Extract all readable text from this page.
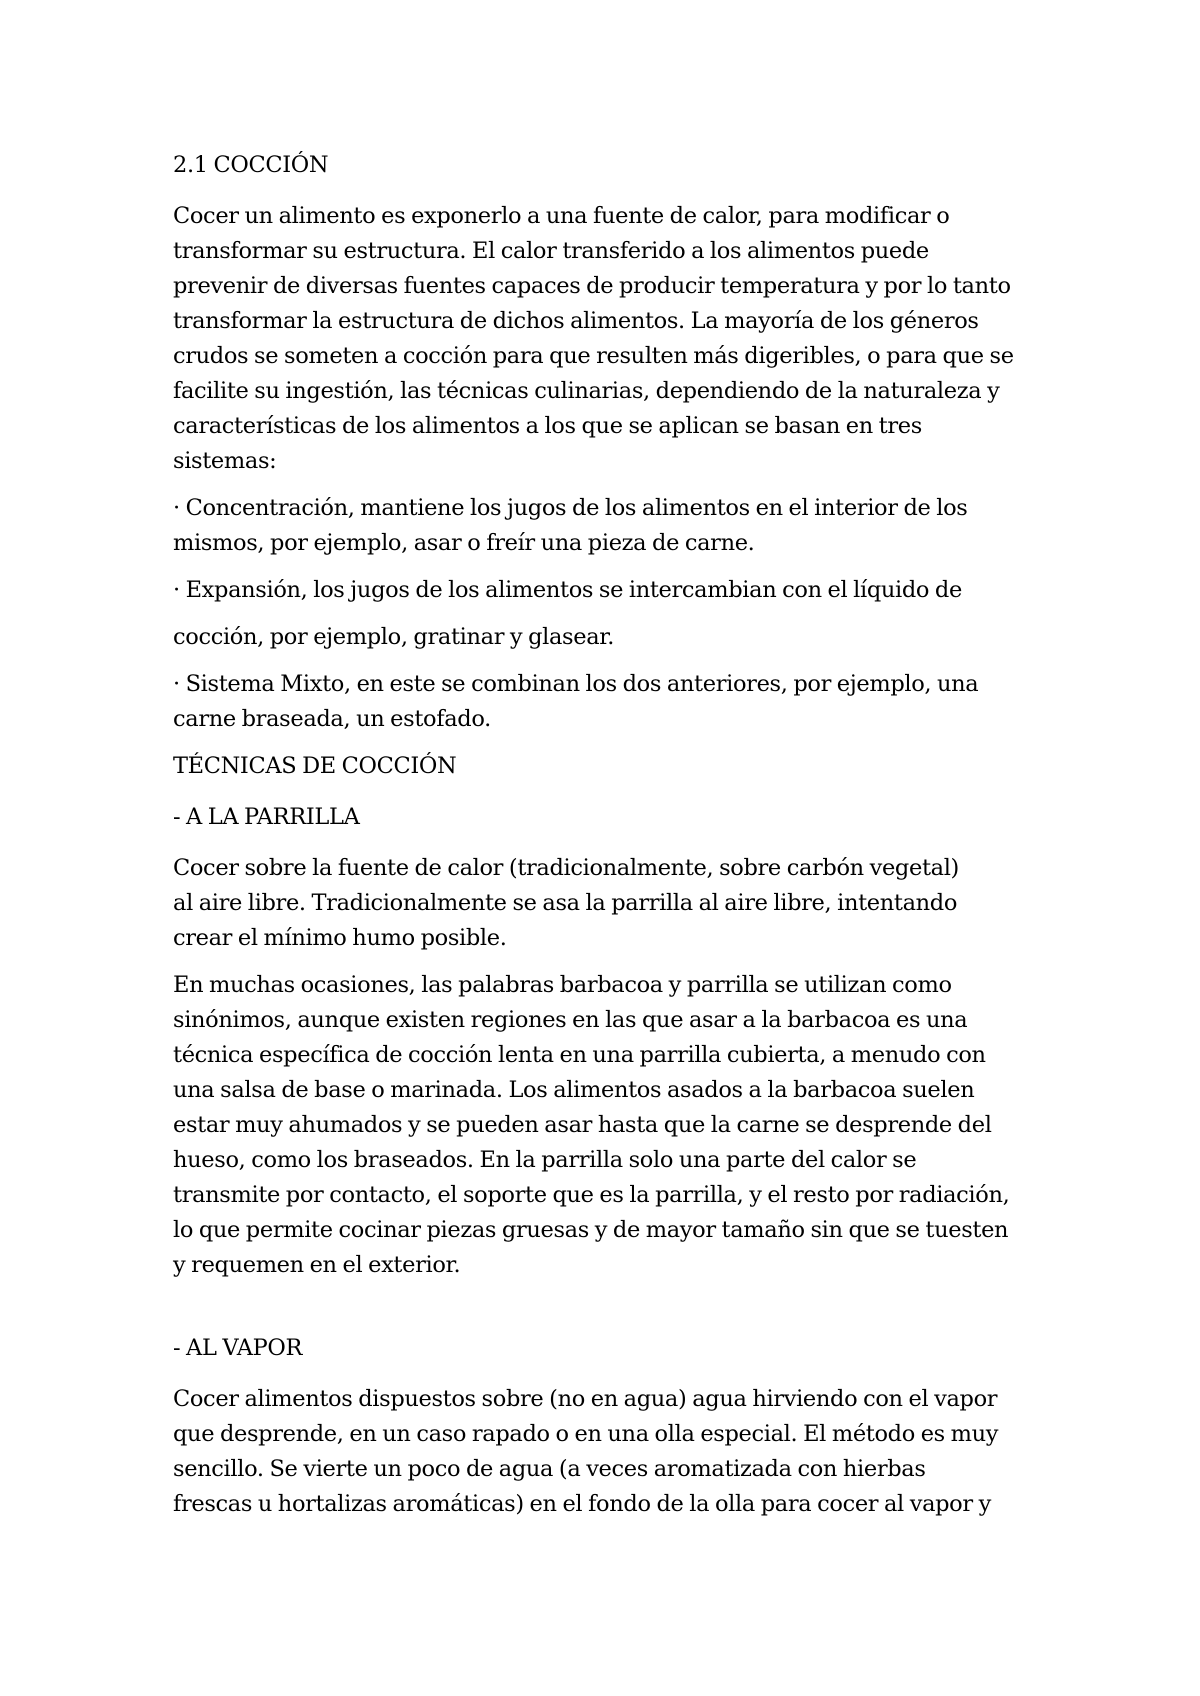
2.1 COCCIÓN

Cocer un alimento es exponerlo a una fuente de calor, para modificar o
transformar su estructura. El calor transferido a los alimentos puede
prevenir de diversas fuentes capaces de producir temperatura y por lo tanto
transformar la estructura de dichos alimentos. La mayoría de los géneros
crudos se someten a cocción para que resulten más digeribles, o para que se
facilite su ingestión, las técnicas culinarias, dependiendo de la naturaleza y
características de los alimentos a los que se aplican se basan en tres
sistemas:

· Concentración, mantiene los jugos de los alimentos en el interior de los
mismos, por ejemplo, asar o freír una pieza de carne.

· Expansión, los jugos de los alimentos se intercambian con el líquido de

cocción, por ejemplo, gratinar y glasear.

· Sistema Mixto, en este se combinan los dos anteriores, por ejemplo, una
carne braseada, un estofado.

TÉCNICAS DE COCCIÓN

- A LA PARRILLA

Cocer sobre la fuente de calor (tradicionalmente, sobre carbón vegetal)
al aire libre. Tradicionalmente se asa la parrilla al aire libre, intentando
crear el mínimo humo posible.

En muchas ocasiones, las palabras barbacoa y parrilla se utilizan como
sinónimos, aunque existen regiones en las que asar a la barbacoa es una
técnica específica de cocción lenta en una parrilla cubierta, a menudo con
una salsa de base o marinada. Los alimentos asados a la barbacoa suelen
estar muy ahumados y se pueden asar hasta que la carne se desprende del
hueso, como los braseados. En la parrilla solo una parte del calor se
transmite por contacto, el soporte que es la parrilla, y el resto por radiación,
lo que permite cocinar piezas gruesas y de mayor tamaño sin que se tuesten
y requemen en el exterior.

- AL VAPOR

Cocer alimentos dispuestos sobre (no en agua) agua hirviendo con el vapor
que desprende, en un caso rapado o en una olla especial. El método es muy
sencillo. Se vierte un poco de agua (a veces aromatizada con hierbas
frescas u hortalizas aromáticas) en el fondo de la olla para cocer al vapor y
